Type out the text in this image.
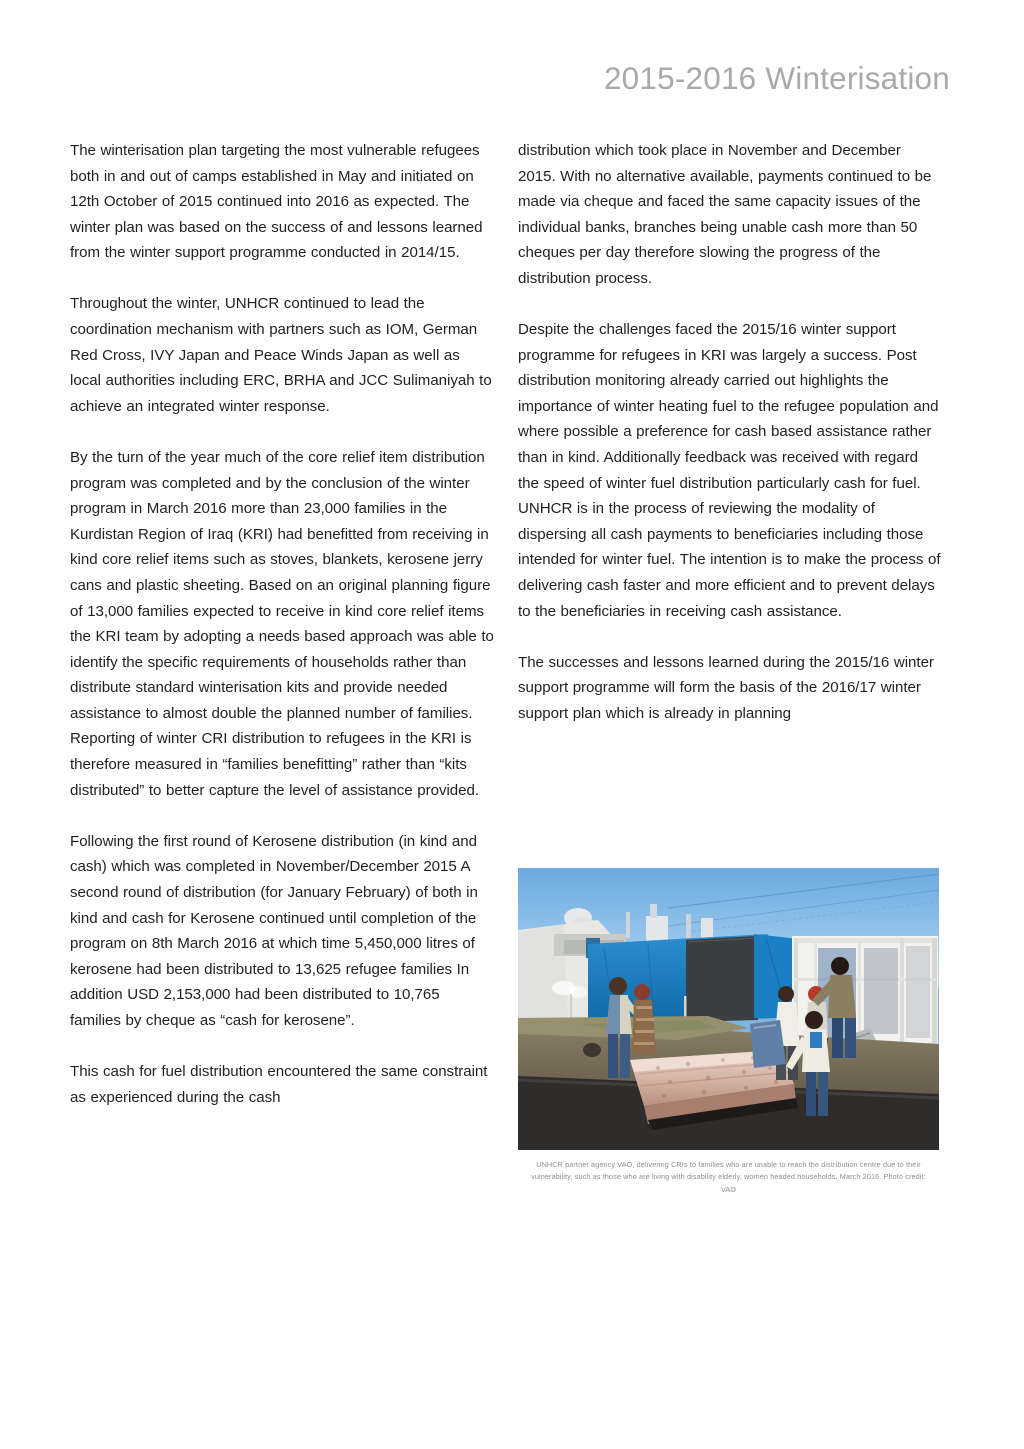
2015-2016 Winterisation

The winterisation plan targeting the most vulnerable refugees both in and out of camps established in May and initiated on 12th October of 2015 continued into 2016 as expected. The winter plan was based on the success of and lessons learned from the winter support programme conducted in 2014/15.

Throughout the winter, UNHCR continued to lead the coordination mechanism with partners such as IOM, German Red Cross, IVY Japan and Peace Winds Japan as well as local authorities including ERC, BRHA and JCC Sulimaniyah to achieve an integrated winter response.

By the turn of the year much of the core relief item distribution program was completed and by the conclusion of the winter program in March 2016 more than 23,000 families in the Kurdistan Region of Iraq (KRI) had benefitted from receiving in kind core relief items such as stoves, blankets, kerosene jerry cans and plastic sheeting. Based on an original planning figure of 13,000 families expected to receive in kind core relief items the KRI team by adopting a needs based approach was able to identify the specific requirements of households rather than distribute standard winterisation kits and provide needed assistance to almost double the planned number of families. Reporting of winter CRI distribution to refugees in the KRI is therefore measured in “families benefitting” rather than “kits distributed” to better capture the level of assistance provided.

Following the first round of Kerosene distribution (in kind and cash) which was completed in November/December 2015 A second round of distribution (for January February) of both in kind and cash for Kerosene continued until completion of the program on 8th March 2016 at which time 5,450,000 litres of kerosene had been distributed to 13,625 refugee families In addition USD 2,153,000 had been distributed to 10,765 families by cheque as “cash for kerosene”.

This cash for fuel distribution encountered the same constraint as experienced during the cash

distribution which took place in November and December 2015. With no alternative available, payments continued to be made via cheque and faced the same capacity issues of the individual banks, branches being unable cash more than 50 cheques per day therefore slowing the progress of the distribution process.

Despite the challenges faced the 2015/16 winter support programme for refugees in KRI was largely a success. Post distribution monitoring already carried out highlights the importance of winter heating fuel to the refugee population and where possible a preference for cash based assistance rather than in kind. Additionally feedback was received with regard the speed of winter fuel distribution particularly cash for fuel. UNHCR is in the process of reviewing the modality of dispersing all cash payments to beneficiaries including those intended for winter fuel. The intention is to make the process of delivering cash faster and more efficient and to prevent delays to the beneficiaries in receiving cash assistance.

The successes and lessons learned during the 2015/16 winter support programme will form the basis of the 2016/17 winter support plan which is already in planning

UNHCR partner agency VAO, delivering CRIs to families who are unable to reach the distribution centre due to their vulnerability, such as those who are living with disability elderly, women headed households. March 2016. Photo credit: VAO
